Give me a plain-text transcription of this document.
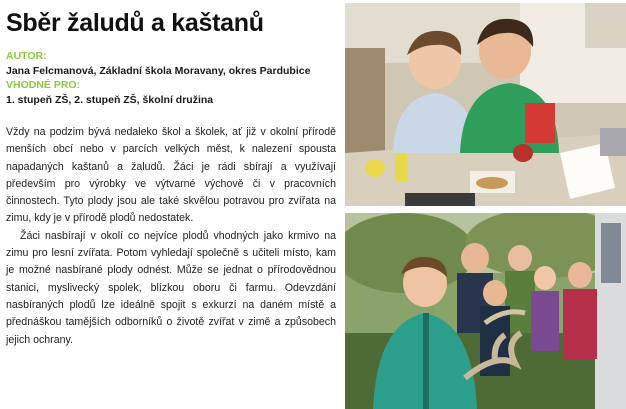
Sběr žaludů a kaštanů
AUTOR:
Jana Felcmanová, Základní škola Moravany, okres Pardubice
VHODNÉ PRO:
1. stupeň ZŠ, 2. stupeň ZŠ, školní družina

Vždy na podzim bývá nedaleko škol a školek, ať již v okolní přírodě menších obcí nebo v parcích velkých měst, k nalezení spousta napadaných kaštanů a žaludů. Žáci je rádi sbírají a využívají především pro výrobky ve výtvarné výchově či v pracovních činnostech. Tyto plody jsou ale také skvělou potravou pro zvířata na zimu, kdy je v přírodě plodů nedostatek.

Žáci nasbírají v okolí co nejvíce plodů vhodných jako krmivo na zimu pro lesní zvířata. Potom vyhledají společně s učiteli místo, kam je možné nasbírané plody odnést. Může se jednat o přírodovědnou stanici, myslivecký spolek, blízkou oboru či farmu. Odevzdání nasbíraných plodů lze ideálně spojit s exkurzí na daném místě a přednáškou tamějších odborníků o životě zvířat v zimě a způsobech jejich ochrany.
